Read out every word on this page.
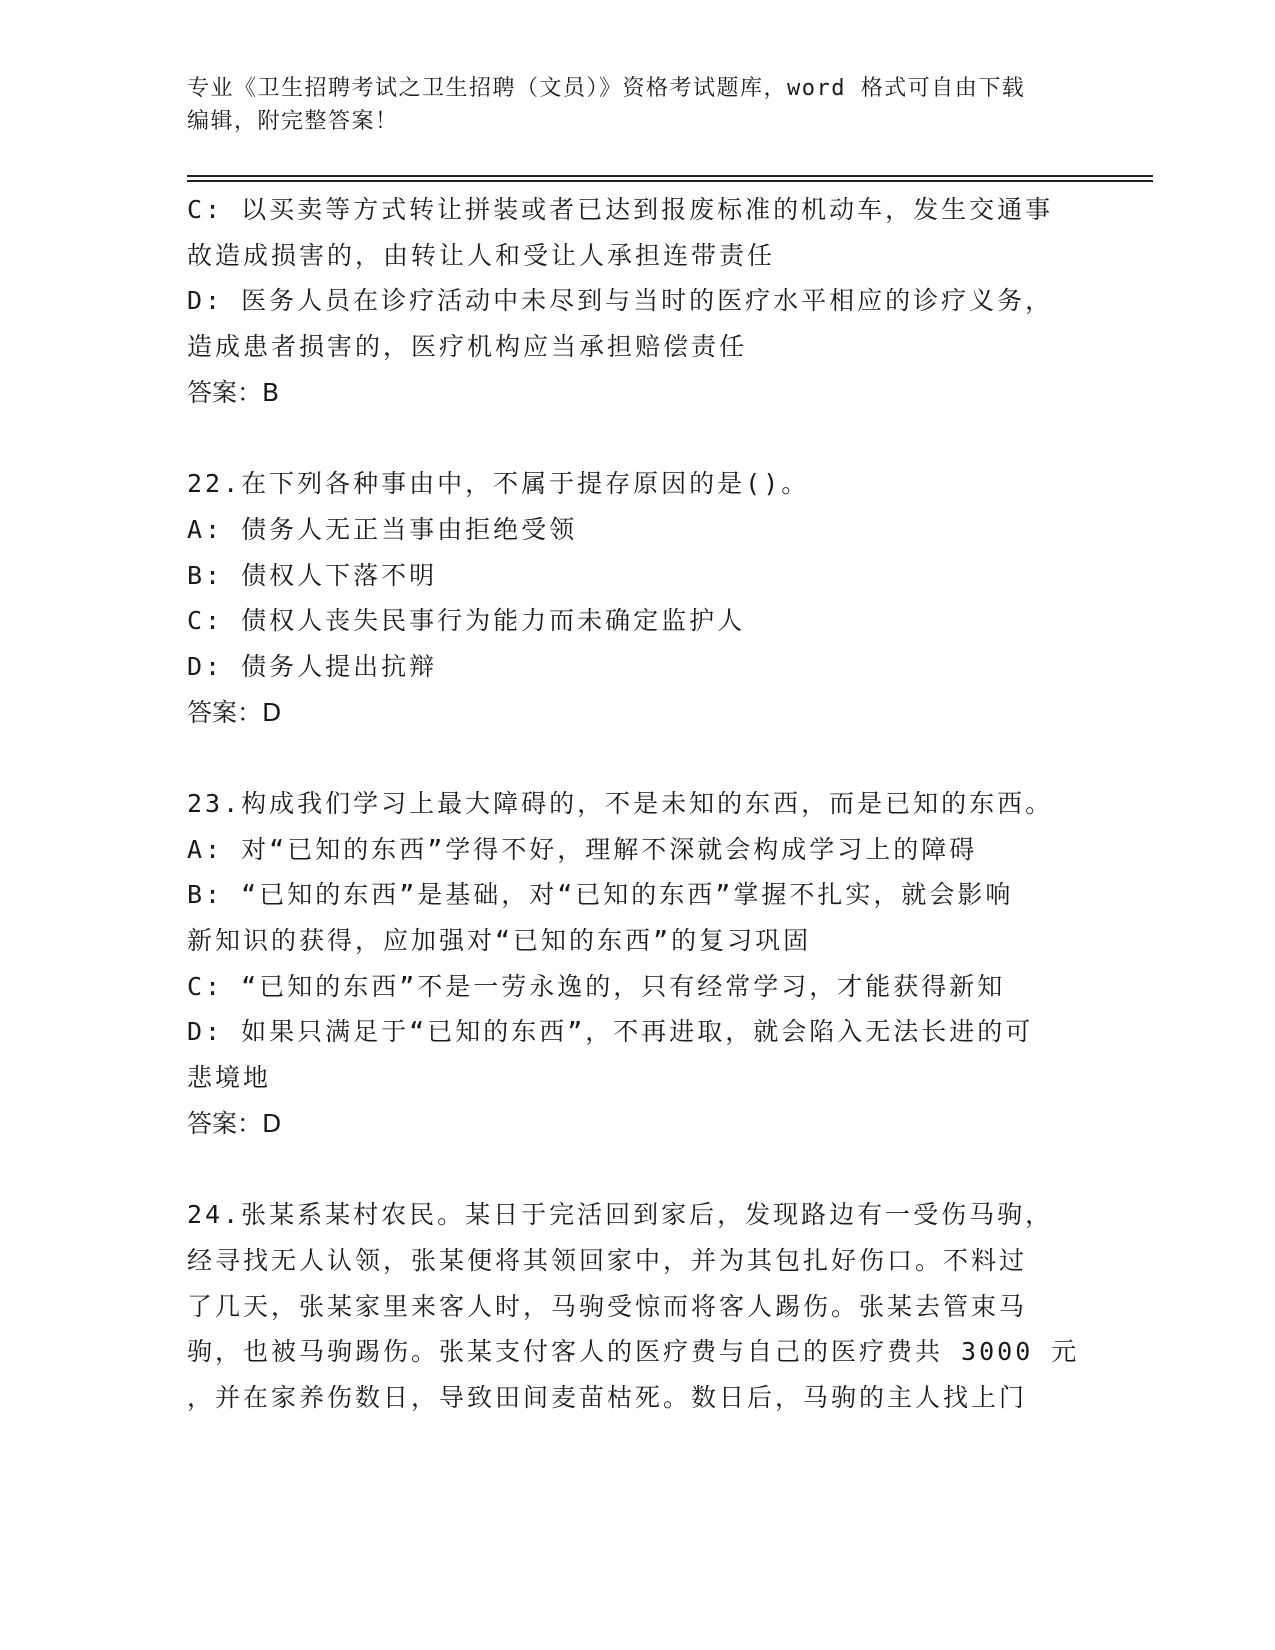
专业《卫生招聘考试之卫生招聘（文员）》资格考试题库，word 格式可自由下载
编辑，附完整答案！
C: 以买卖等方式转让拼装或者已达到报废标准的机动车，发生交通事
故造成损害的，由转让人和受让人承担连带责任
D: 医务人员在诊疗活动中未尽到与当时的医疗水平相应的诊疗义务，
造成患者损害的，医疗机构应当承担赔偿责任
答案：B
22.在下列各种事由中，不属于提存原因的是()。
A: 债务人无正当事由拒绝受领
B: 债权人下落不明
C: 债权人丧失民事行为能力而未确定监护人
D: 债务人提出抗辩
答案：D
23.构成我们学习上最大障碍的，不是未知的东西，而是已知的东西。
A: 对“已知的东西”学得不好，理解不深就会构成学习上的障碍
B: “已知的东西”是基础，对“已知的东西”掌握不扎实，就会影响
新知识的获得，应加强对“已知的东西”的复习巩固
C: “已知的东西”不是一劳永逸的，只有经常学习，才能获得新知
D: 如果只满足于“已知的东西”，不再进取，就会陷入无法长进的可
悲境地
答案：D
24.张某系某村农民。某日于完活回到家后，发现路边有一受伤马驹，
经寻找无人认领，张某便将其领回家中，并为其包扎好伤口。不料过
了几天，张某家里来客人时，马驹受惊而将客人踢伤。张某去管束马
驹，也被马驹踢伤。张某支付客人的医疗费与自己的医疗费共 3000 元
，并在家养伤数日，导致田间麦苗枯死。数日后，马驹的主人找上门
